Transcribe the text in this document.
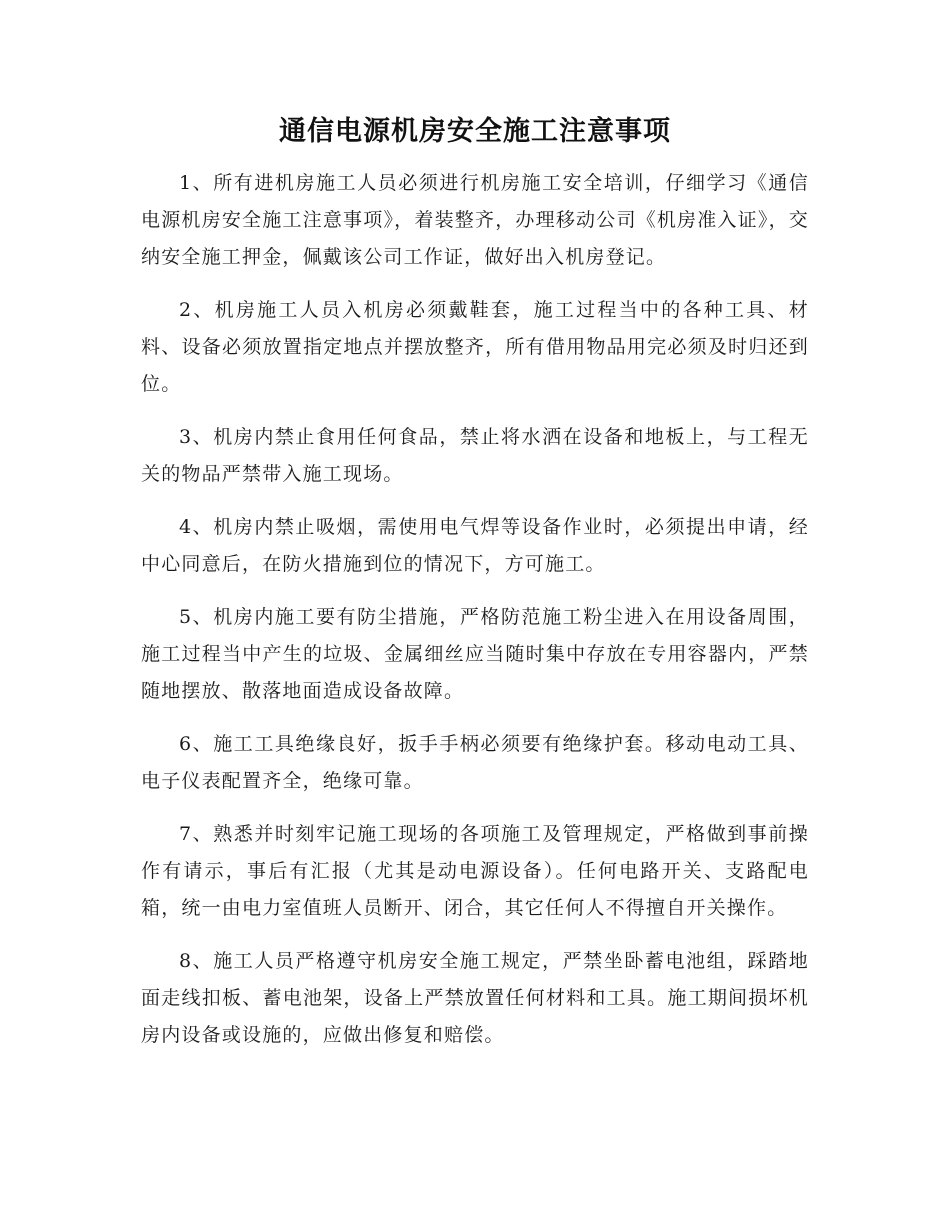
通信电源机房安全施工注意事项

1、所有进机房施工人员必须进行机房施工安全培训，仔细学习《通信电源机房安全施工注意事项》，着装整齐，办理移动公司《机房准入证》，交纳安全施工押金，佩戴该公司工作证，做好出入机房登记。

2、机房施工人员入机房必须戴鞋套，施工过程当中的各种工具、材料、设备必须放置指定地点并摆放整齐，所有借用物品用完必须及时归还到位。

3、机房内禁止食用任何食品，禁止将水洒在设备和地板上，与工程无关的物品严禁带入施工现场。

4、机房内禁止吸烟，需使用电气焊等设备作业时，必须提出申请，经中心同意后，在防火措施到位的情况下，方可施工。

5、机房内施工要有防尘措施，严格防范施工粉尘进入在用设备周围，施工过程当中产生的垃圾、金属细丝应当随时集中存放在专用容器内，严禁随地摆放、散落地面造成设备故障。

6、施工工具绝缘良好，扳手手柄必须要有绝缘护套。移动电动工具、电子仪表配置齐全，绝缘可靠。

7、熟悉并时刻牢记施工现场的各项施工及管理规定，严格做到事前操作有请示，事后有汇报（尤其是动电源设备）。任何电路开关、支路配电箱，统一由电力室值班人员断开、闭合，其它任何人不得擅自开关操作。

8、施工人员严格遵守机房安全施工规定，严禁坐卧蓄电池组，踩踏地面走线扣板、蓄电池架，设备上严禁放置任何材料和工具。施工期间损坏机房内设备或设施的，应做出修复和赔偿。
